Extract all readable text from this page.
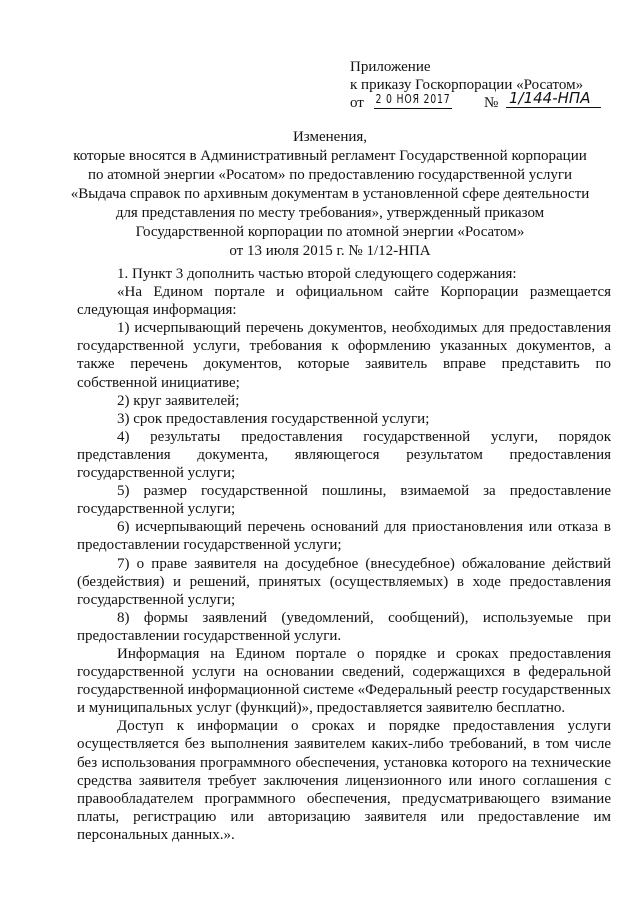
Приложение
к приказу Госкорпорации «Росатом»
от 2 0 НОЯ 2017 № 1/144-НПА
Изменения,
которые вносятся в Административный регламент Государственной корпорации
по атомной энергии «Росатом» по предоставлению государственной услуги
«Выдача справок по архивным документам в установленной сфере деятельности
для представления по месту требования», утвержденный приказом
Государственной корпорации по атомной энергии «Росатом»
от 13 июля 2015 г. № 1/12-НПА

1. Пункт 3 дополнить частью второй следующего содержания:

«На Едином портале и официальном сайте Корпорации размещается следующая информация:

1) исчерпывающий перечень документов, необходимых для предоставления государственной услуги, требования к оформлению указанных документов, а также перечень документов, которые заявитель вправе представить по собственной инициативе;

2) круг заявителей;

3) срок предоставления государственной услуги;

4) результаты предоставления государственной услуги, порядок представления документа, являющегося результатом предоставления государственной услуги;

5) размер государственной пошлины, взимаемой за предоставление государственной услуги;

6) исчерпывающий перечень оснований для приостановления или отказа в предоставлении государственной услуги;

7) о праве заявителя на досудебное (внесудебное) обжалование действий (бездействия) и решений, принятых (осуществляемых) в ходе предоставления государственной услуги;

8) формы заявлений (уведомлений, сообщений), используемые при предоставлении государственной услуги.

Информация на Едином портале о порядке и сроках предоставления государственной услуги на основании сведений, содержащихся в федеральной государственной информационной системе «Федеральный реестр государственных и муниципальных услуг (функций)», предоставляется заявителю бесплатно.

Доступ к информации о сроках и порядке предоставления услуги осуществляется без выполнения заявителем каких-либо требований, в том числе без использования программного обеспечения, установка которого на технические средства заявителя требует заключения лицензионного или иного соглашения с правообладателем программного обеспечения, предусматривающего взимание платы, регистрацию или авторизацию заявителя или предоставление им персональных данных.».
